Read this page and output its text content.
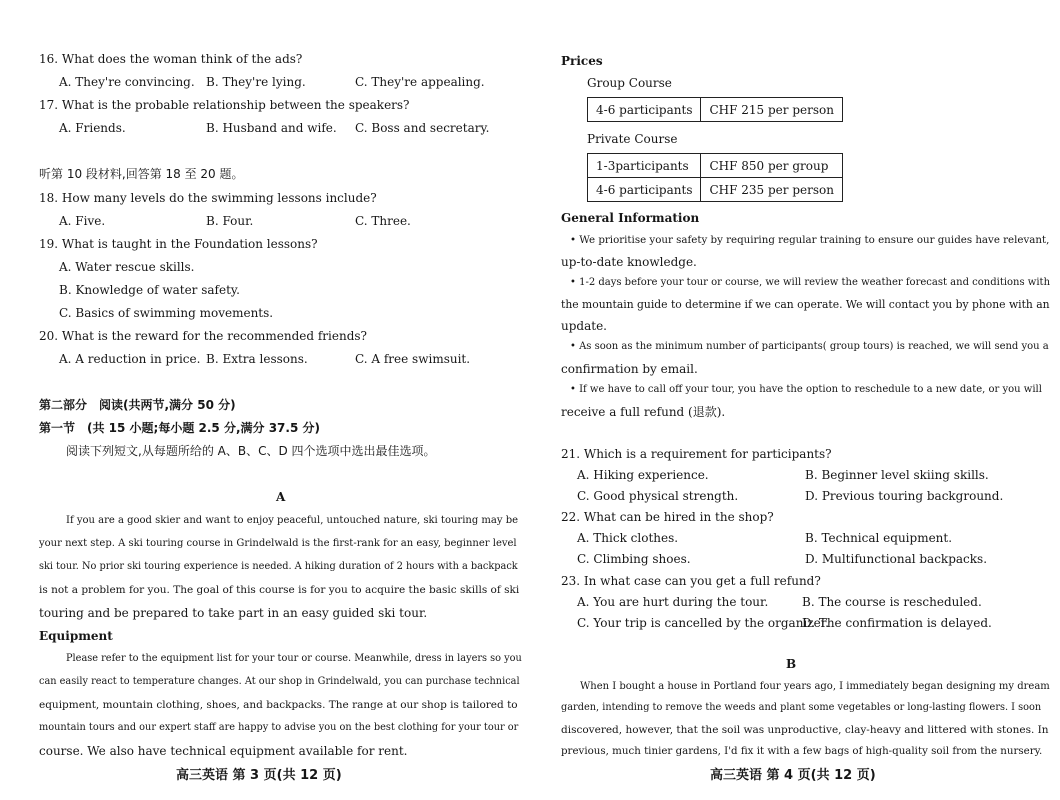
16. What does the woman think of the ads?
A. They're convincing. B. They're lying.	C. They're appealing.
17. What is the probable relationship between the speakers?
A. Friends.	B. Husband and wife. C. Boss and secretary.
听第 10 段材料,回答第 18 至 20 题。
18. How many levels do the swimming lessons include?
A. Five.	B. Four.	C. Three.
19. What is taught in the Foundation lessons?
A. Water rescue skills.
B. Knowledge of water safety.
C. Basics of swimming movements.
20. What is the reward for the recommended friends?
A. A reduction in price. B. Extra lessons.	C. A free swimsuit.
第二部分　阅读(共两节,满分 50 分)
第一节　(共 15 小题;每小题 2.5 分,满分 37.5 分)
阅读下列短文,从每题所给的 A、B、C、D 四个选项中选出最佳选项。
A
If you are a good skier and want to enjoy peaceful, untouched nature, ski touring may be
your next step. A ski touring course in Grindelwald is the first-rank for an easy, beginner level
ski tour. No prior ski touring experience is needed. A hiking duration of 2 hours with a backpack
is not a problem for you. The goal of this course is for you to acquire the basic skills of ski
touring and be prepared to take part in an easy guided ski tour.
Equipment
Please refer to the equipment list for your tour or course. Meanwhile, dress in layers so you
can easily react to temperature changes. At our shop in Grindelwald, you can purchase technical
equipment, mountain clothing, shoes, and backpacks. The range at our shop is tailored to
mountain tours and our expert staff are happy to advise you on the best clothing for your tour or
course. We also have technical equipment available for rent.
高三英语 第 3 页(共 12 页)
Prices
Group Course
4-6 participants	CHF 215 per person
Private Course
1-3participants	CHF 850 per group
4-6 participants	CHF 235 per person
General Information
• We prioritise your safety by requiring regular training to ensure our guides have relevant,
up-to-date knowledge.
• 1-2 days before your tour or course, we will review the weather forecast and conditions with
the mountain guide to determine if we can operate. We will contact you by phone with an
update.
• As soon as the minimum number of participants( group tours) is reached, we will send you a
confirmation by email.
• If we have to call off your tour, you have the option to reschedule to a new date, or you will
receive a full refund (退款).
21. Which is a requirement for participants?
A. Hiking experience.	B. Beginner level skiing skills.
C. Good physical strength.	D. Previous touring background.
22. What can be hired in the shop?
A. Thick clothes.	B. Technical equipment.
C. Climbing shoes.	D. Multifunctional backpacks.
23. In what case can you get a full refund?
A. You are hurt during the tour.	B. The course is rescheduled.
C. Your trip is cancelled by the organizer.
D. The confirmation is delayed.
B
When I bought a house in Portland four years ago, I immediately began designing my dream
garden, intending to remove the weeds and plant some vegetables or long-lasting flowers. I soon
discovered, however, that the soil was unproductive, clay-heavy and littered with stones. In
previous, much tinier gardens, I'd fix it with a few bags of high-quality soil from the nursery.
高三英语 第 4 页(共 12 页)
